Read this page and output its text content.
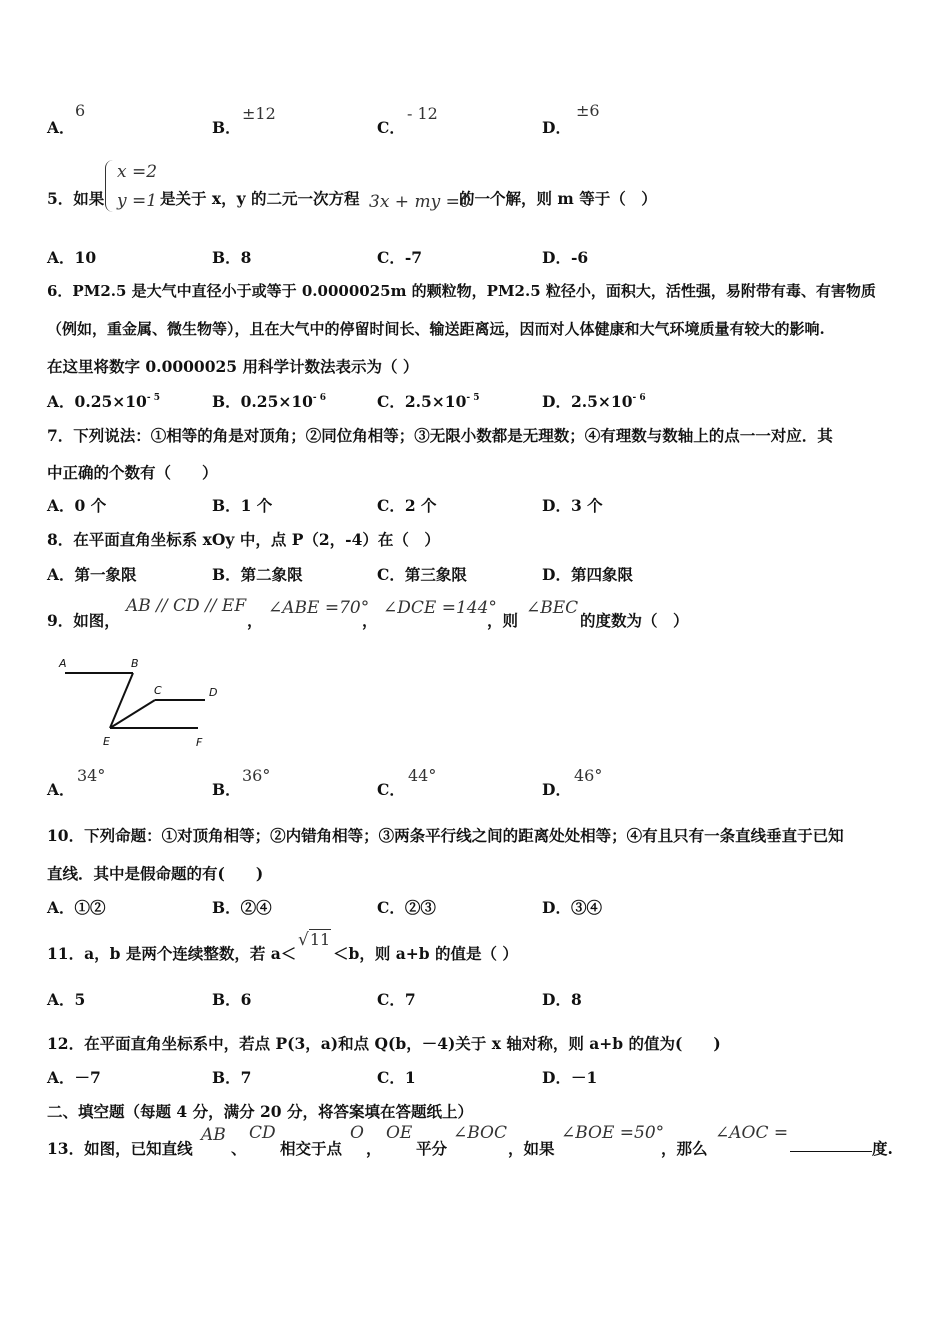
A．
6
B．
±12
C．
- 12
D．
±6
5．如果
x =2
y =1 是关于 x，y 的二元一次方程 3x + my =0
的一个解，则 m 等于（　）
A．10	B．8	C．-7	D．-6
6．PM2.5 是大气中直径小于或等于 0.0000025m 的颗粒物，PM2.5 粒径小，面积大，活性强，易附带有毒、有害物质
（例如，重金属、微生物等），且在大气中的停留时间长、输送距离远，因而对人体健康和大气环境质量有较大的影响.
在这里将数字 0.0000025 用科学计数法表示为（ ）
A．$0.25\times 10^{- 5}$	B．$0.25\times 10^{- 6}$	C．$2.5\times 10^{- 5}$	D．$2.5\times 10^{- 6}$
7．下列说法：①相等的角是对顶角；②同位角相等；③无限小数都是无理数；④有理数与数轴上的点一一对应．其
中正确的个数有（　　）
A．0 个	B．1 个	C．2 个	D．3 个
8．在平面直角坐标系 xOy 中，点 P（2，-4）在（　）
A．第一象限	B．第二象限	C．第三象限	D．第四象限
9．如图，
AB // CD // EF
，
∠ABE =70°
，
∠DCE =144°
，则
∠BEC
的度数为（　）
A	B
C	D
E	F
A．
34°
B．
36°
C．
44°
D．
46°
10．下列命题：①对顶角相等；②内错角相等；③两条平行线之间的距离处处相等；④有且只有一条直线垂直于已知
直线．其中是假命题的有(　　)
A．①②	B．②④	C．②③	D．③④
11．a，b 是两个连续整数，若 a＜
√11
＜b，则 a+b 的值是（ ）
A．5	B．6	C．7	D．8
12．在平面直角坐标系中，若点 P(3，a)和点 Q(b，－4)关于 x 轴对称，则 a+b 的值为(　　)
A．－7	B．7	C．1	D．－1
二、填空题（每题 4 分，满分 20 分，将答案填在答题纸上）
13．如图，已知直线
AB
、
CD
相交于点
O
，
OE
平分
∠BOC
，如果
∠BOE =50°
，那么
∠AOC =
度.
